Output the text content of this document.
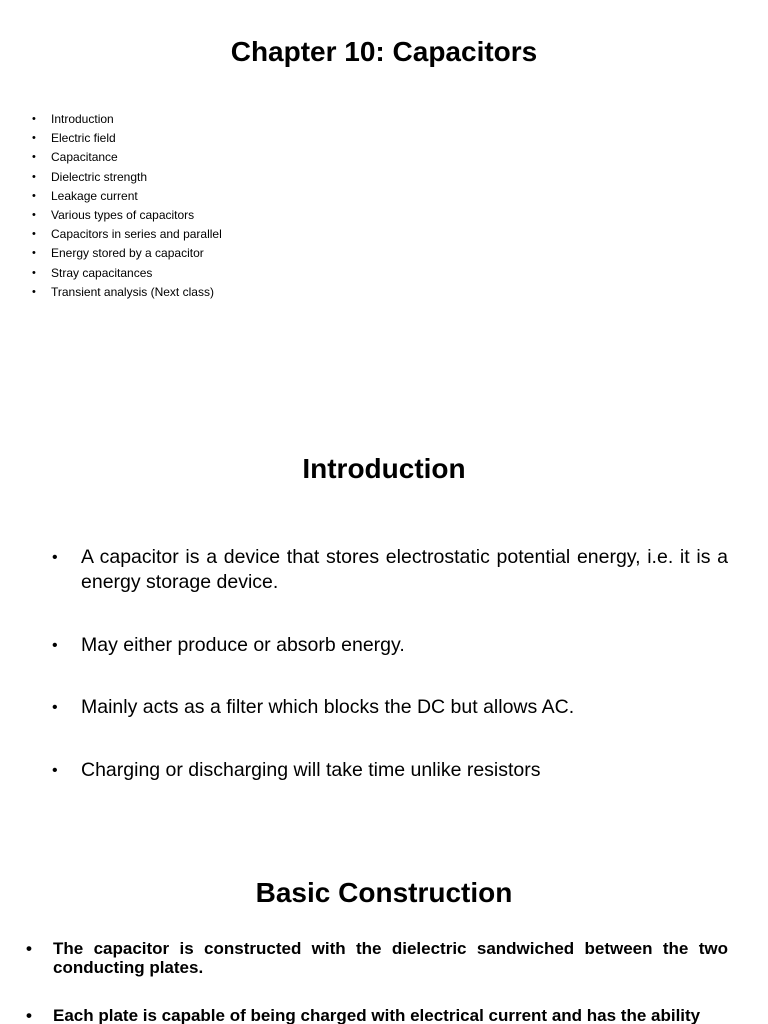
Chapter 10: Capacitors
• Introduction
• Electric field
• Capacitance
• Dielectric strength
• Leakage current
• Various types of capacitors
• Capacitors in series and parallel
• Energy stored by a capacitor
• Stray capacitances
• Transient analysis (Next class)
Introduction
• A capacitor is a device that stores electrostatic potential energy, i.e. it is a energy storage device.
• May either produce or absorb energy.
• Mainly acts as a filter which blocks the DC but allows AC.
• Charging or discharging will take time unlike resistors
Basic Construction
• The capacitor is constructed with the dielectric sandwiched between the two conducting plates.
• Each plate is capable of being charged with electrical current and has the ability
